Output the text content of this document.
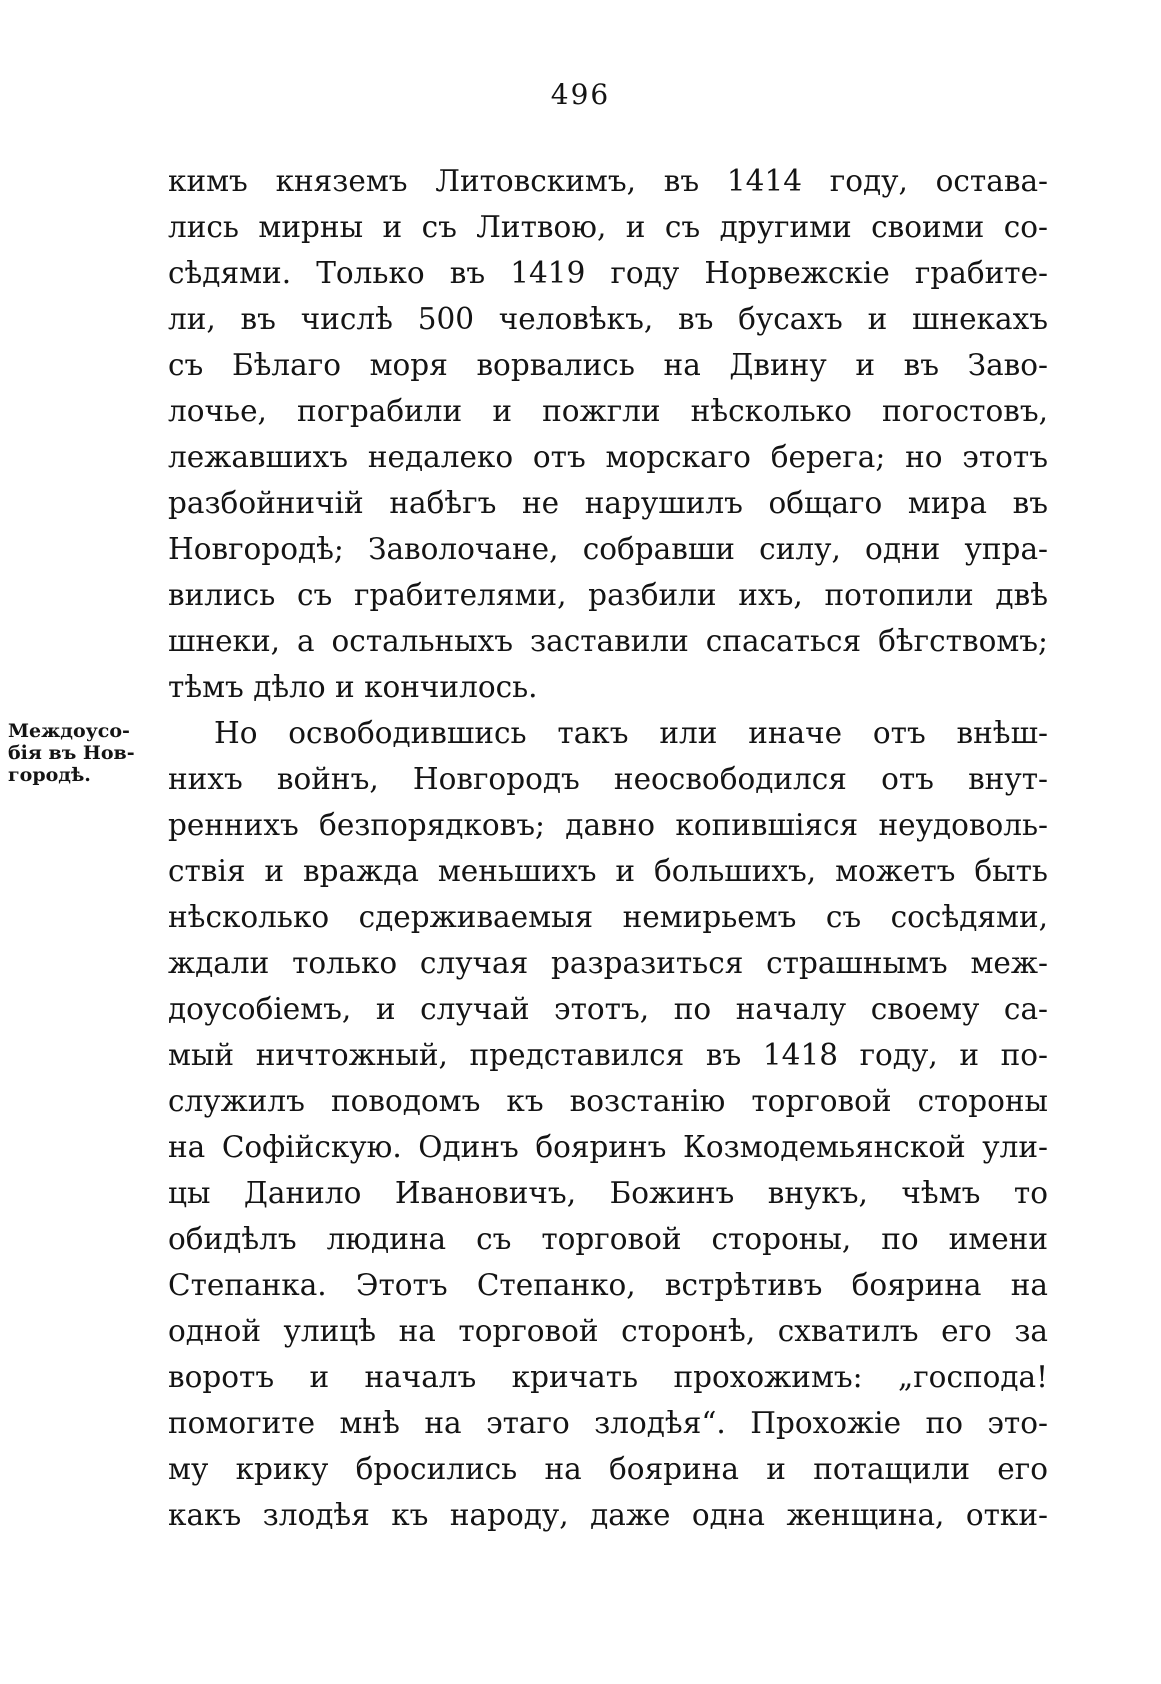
496
Междоусо-
бія въ Нов-
городѣ.
кимъ княземъ Литовскимъ, въ 1414 году, остава-
лись мирны и съ Литвою, и съ другими своими со-
сѣдями. Только въ 1419 году Норвежскіе грабите-
ли, въ числѣ 500 человѣкъ, въ бусахъ и шнекахъ
съ Бѣлаго моря ворвались на Двину и въ Заво-
лочье, пограбили и пожгли нѣсколько погостовъ,
лежавшихъ недалеко отъ морскаго берега; но этотъ
разбойничій набѣгъ не нарушилъ общаго мира въ
Новгородѣ; Заволочане, собравши силу, одни упра-
вились съ грабителями, разбили ихъ, потопили двѣ
шнеки, а остальныхъ заставили спасаться бѣгствомъ;
тѣмъ дѣло и кончилось.
Но освободившись такъ или иначе отъ внѣш-
нихъ войнъ, Новгородъ неосвободился отъ внут-
реннихъ безпорядковъ; давно копившіяся неудоволь-
ствія и вражда меньшихъ и большихъ, можетъ быть
нѣсколько сдерживаемыя немирьемъ съ сосѣдями,
ждали только случая разразиться страшнымъ меж-
доусобіемъ, и случай этотъ, по началу своему са-
мый ничтожный, представился въ 1418 году, и по-
служилъ поводомъ къ возстанію торговой стороны
на Софійскую. Одинъ бояринъ Козмодемьянской ули-
цы Данило Ивановичъ, Божинъ внукъ, чѣмъ то
обидѣлъ людина съ торговой стороны, по имени
Степанка. Этотъ Степанко, встрѣтивъ боярина на
одной улицѣ на торговой сторонѣ, схватилъ его за
воротъ и началъ кричать прохожимъ: „господа!
помогите мнѣ на этаго злодѣя“. Прохожіе по это-
му крику бросились на боярина и потащили его
какъ злодѣя къ народу, даже одна женщина, отки-
